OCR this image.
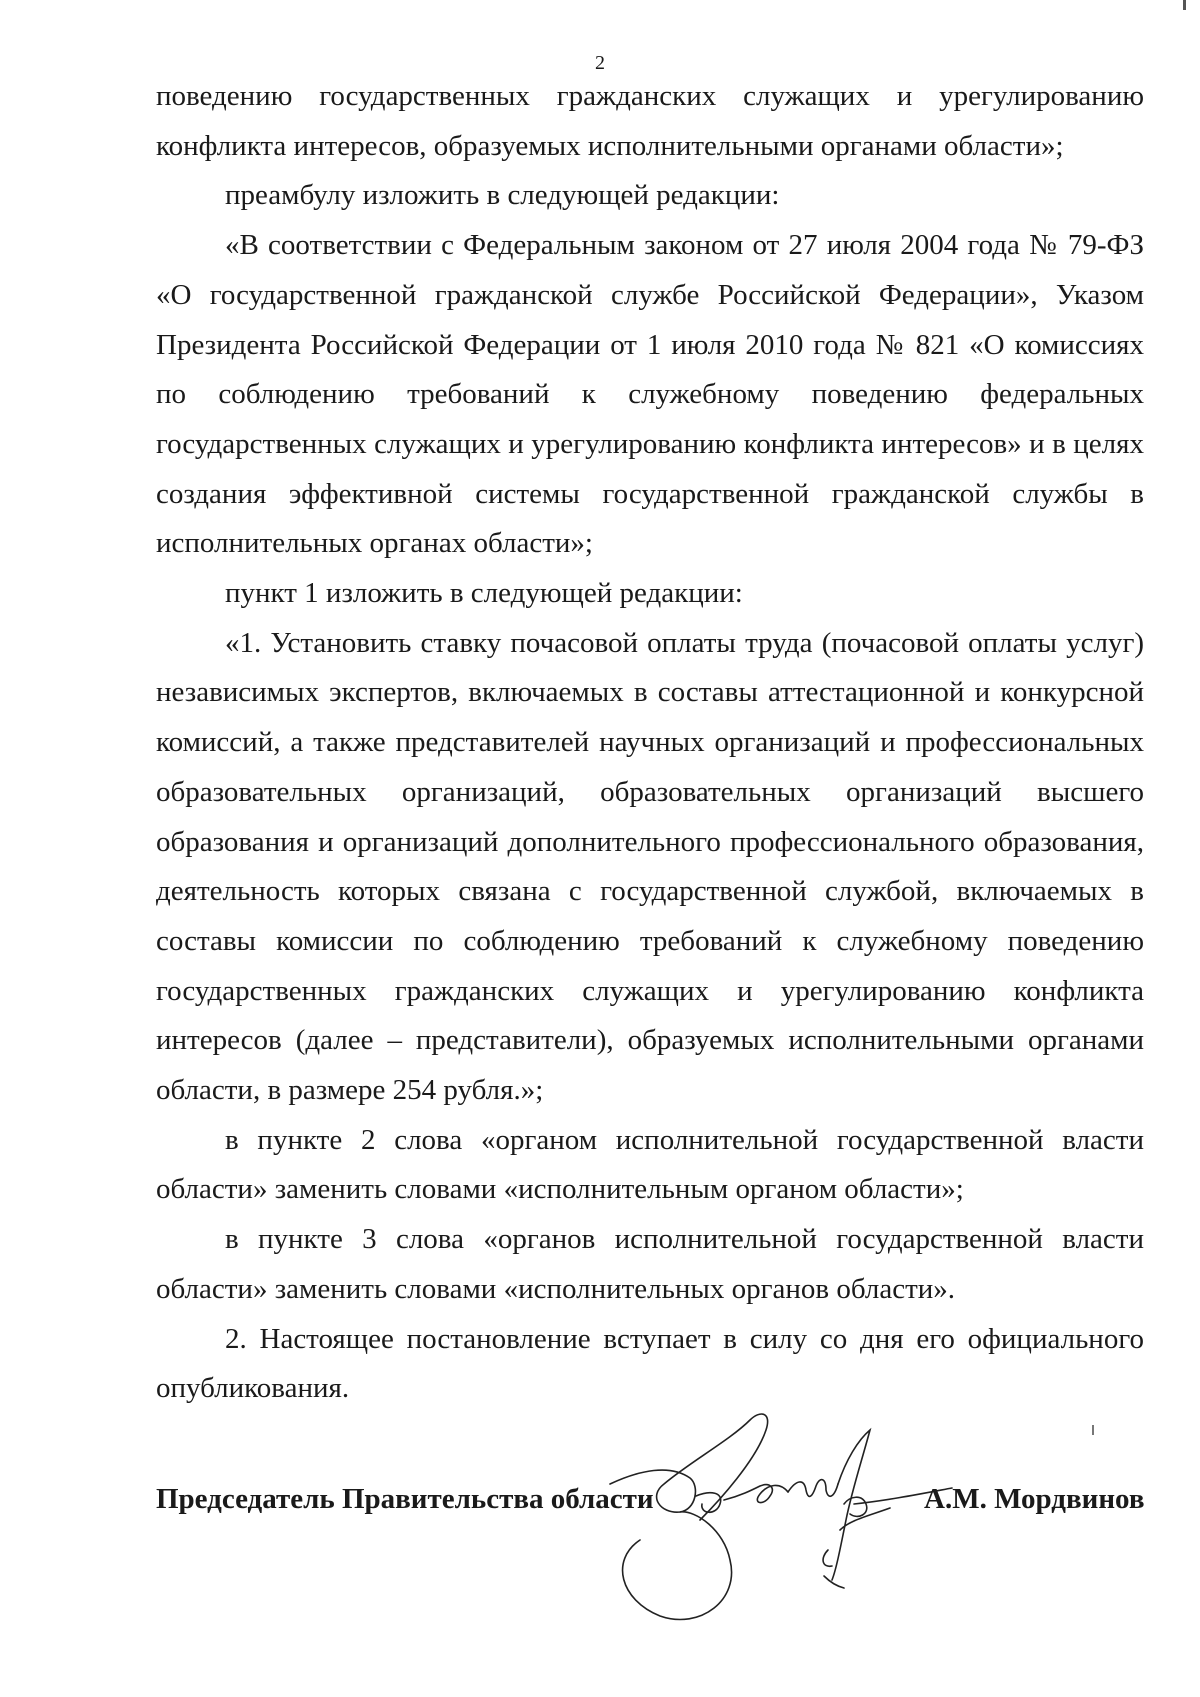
2

поведению государственных гражданских служащих и урегулированию конфликта интересов, образуемых исполнительными органами области»;

преамбулу изложить в следующей редакции:

«В соответствии с Федеральным законом от 27 июля 2004 года № 79-ФЗ «О государственной гражданской службе Российской Федерации», Указом Президента Российской Федерации от 1 июля 2010 года № 821 «О комиссиях по соблюдению требований к служебному поведению федеральных государственных служащих и урегулированию конфликта интересов» и в целях создания эффективной системы государственной гражданской службы в исполнительных органах области»;

пункт 1 изложить в следующей редакции:

«1. Установить ставку почасовой оплаты труда (почасовой оплаты услуг) независимых экспертов, включаемых в составы аттестационной и конкурсной комиссий, а также представителей научных организаций и профессиональных образовательных организаций, образовательных организаций высшего образования и организаций дополнительного профессионального образования, деятельность которых связана с государственной службой, включаемых в составы комиссии по соблюдению требований к служебному поведению государственных гражданских служащих и урегулированию конфликта интересов (далее – представители), образуемых исполнительными органами области, в размере 254 рубля.»;

в пункте 2 слова «органом исполнительной государственной власти области» заменить словами «исполнительным органом области»;

в пункте 3 слова «органов исполнительной государственной власти области» заменить словами «исполнительных органов области».

2. Настоящее постановление вступает в силу со дня его официального опубликования.

Председатель Правительства области	А.М. Мордвинов
